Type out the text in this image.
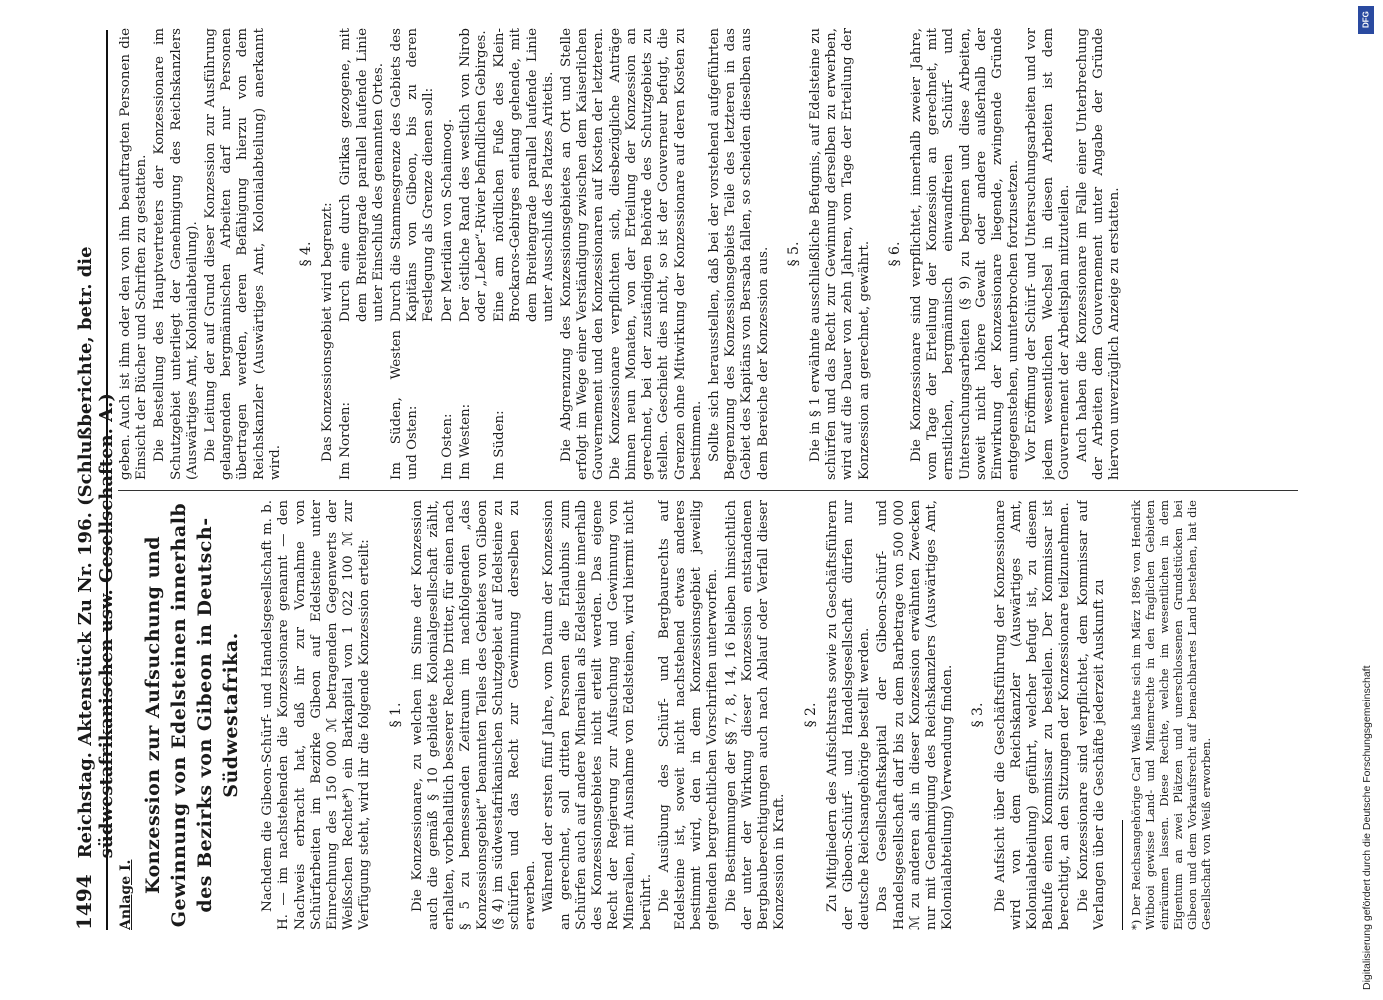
1494
Reichstag. Aktenstück Zu Nr. 196. (Schlußberichte, betr. die südwestafrikanischen usw. Gesellschaften. A.)
Anlage I.
Konzession zur Aufsuchung und Gewinnung von Edelsteinen innerhalb des Bezirks von Gibeon in Deutsch-Südwestafrika. Nachdem die Gibeon-Schürf- und Handelsgesellschaft m. b. H. — im nachstehenden die Konzessionare genannt — den Nachweis erbracht hat, daß ihr zur Vornahme von Schürfarbeiten im Bezirke Gibeon auf Edelsteine unter Einrechnung des 150 000 ℳ betragenden Gegenwerts der Weißschen Rechte*) ein Barkapital von 1 022 100 ℳ zur Verfügung steht, wird ihr die folgende Konzession erteilt: § 1. Die Konzessionare, zu welchen im Sinne der Konzession auch die gemäß § 10 gebildete Kolonialgesellschaft zählt, erhalten, vorbehaltlich besserer Rechte Dritter, für einen nach § 5 zu bemessenden Zeitraum im nachfolgenden „das Konzessionsgebiet“ benannten Teiles des Gebietes von Gibeon (§ 4) im südwestafrikanischen Schutzgebiet auf Edelsteine zu schürfen und das Recht zur Gewinnung derselben zu erwerben. Während der ersten fünf Jahre, vom Datum der Konzession an gerechnet, soll dritten Personen die Erlaubnis zum Schürfen auch auf andere Mineralien als Edelsteine innerhalb des Konzessionsgebietes nicht erteilt werden. Das eigene Recht der Regierung zur Aufsuchung und Gewinnung von Mineralien, mit Ausnahme von Edelsteinen, wird hiermit nicht berührt. Die Ausübung des Schürf- und Bergbaurechts auf Edelsteine ist, soweit nicht nachstehend etwas anderes bestimmt wird, den in dem Konzessionsgebiet jeweilig geltenden bergrechtlichen Vorschriften unterworfen. Die Bestimmungen der §§ 7, 8, 14, 16 bleiben hinsichtlich der unter der Wirkung dieser Konzession entstandenen Bergbauberechtigungen auch nach Ablauf oder Verfall dieser Konzession in Kraft.

§ 2. Zu Mitgliedern des Aufsichtsrats sowie zu Geschäftsführern der Gibeon-Schürf- und Handelsgesellschaft dürfen nur deutsche Reichsangehörige bestellt werden. Das Gesellschaftskapital der Gibeon-Schürf- und Handelsgesellschaft darf bis zu dem Barbetrage von 500 000 ℳ zu anderen als in dieser Konzession erwähnten Zwecken nur mit Genehmigung des Reichskanzlers (Auswärtiges Amt, Kolonialabteilung) Verwendung finden. § 3. Die Aufsicht über die Geschäftsführung der Konzessionare wird von dem Reichskanzler (Auswärtiges Amt, Kolonialabteilung) geführt, welcher befugt ist, zu diesem Behufe einen Kommissar zu bestellen. Der Kommissar ist berechtigt, an den Sitzungen der Konzessionare teilzunehmen. Die Konzessionare sind verpflichtet, dem Kommissar auf Verlangen über die Geschäfte jederzeit Auskunft zu *) Der Reichsangehörige Carl Weiß hatte sich im März 1896 von Hendrik Witbooi gewisse Land- und Minenrechte in den fraglichen Gebieten einräumen lassen. Diese Rechte, welche im wesentlichen in dem Eigentum an zwei Plätzen und unerschlossenen Grundstücken bei Gibeon und dem Vorkaufsrecht auf benachbartes Land bestehen, hat die Gesellschaft von Weiß erworben.

geben. Auch ist ihm oder den von ihm beauftragten Personen die Einsicht der Bücher und Schriften zu gestatten. Die Bestellung des Hauptvertreters der Konzessionare im Schutzgebiet unterliegt der Genehmigung des Reichskanzlers (Auswärtiges Amt, Kolonialabteilung). Die Leitung der auf Grund dieser Konzession zur Ausführung gelangenden bergmännischen Arbeiten darf nur Personen übertragen werden, deren Befähigung hierzu von dem Reichskanzler (Auswärtiges Amt, Kolonialabteilung) anerkannt wird.

§ 4. Das Konzessionsgebiet wird begrenzt: Im Norden:
Durch eine durch Girikas gezogene, mit dem Breitengrade parallel laufende Linie unter Einschluß des genannten Ortes.
Im Süden, Westen und Osten:
Durch die Stammesgrenze des Gebiets des Kapitäns von Gibeon, bis zu deren Festlegung als Grenze dienen soll:
Im Osten:
Der Meridian von Schaimoog.
Im Westen:
Der östliche Rand des westlich von Nirob oder „Leber“-Rivier befindlichen Gebirges.
Im Süden:
Eine am nördlichen Fuße des Klein-Brockaros-Gebirges entlang gehende, mit dem Breitengrade parallel laufende Linie unter Ausschluß des Platzes Aritetis. Die Abgrenzung des Konzessionsgebietes an Ort und Stelle erfolgt im Wege einer Verständigung zwischen dem Kaiserlichen Gouvernement und den Konzessionaren auf Kosten der letzteren. Die Konzessionare verpflichten sich, diesbezügliche Anträge binnen neun Monaten, von der Erteilung der Konzession an gerechnet, bei der zuständigen Behörde des Schutzgebiets zu stellen. Geschieht dies nicht, so ist der Gouverneur befugt, die Grenzen ohne Mitwirkung der Konzessionare auf deren Kosten zu bestimmen. Sollte sich herausstellen, daß bei der vorstehend aufgeführten Begrenzung des Konzessionsgebiets Teile des letzteren in das Gebiet des Kapitäns von Bersaba fallen, so scheiden dieselben aus dem Bereiche der Konzession aus. § 5. Die in § 1 erwähnte ausschließliche Befugnis, auf Edelsteine zu schürfen und das Recht zur Gewinnung derselben zu erwerben, wird auf die Dauer von zehn Jahren, vom Tage der Erteilung der Konzession an gerechnet, gewährt. § 6. Die Konzessionare sind verpflichtet, innerhalb zweier Jahre, vom Tage der Erteilung der Konzession an gerechnet, mit ernstlichen, bergmännisch einwandfreien Schürf- und Untersuchungsarbeiten (§ 9) zu beginnen und diese Arbeiten, soweit nicht höhere Gewalt oder andere außerhalb der Einwirkung der Konzessionare liegende, zwingende Gründe entgegenstehen, ununterbrochen fortzusetzen. Vor Eröffnung der Schürf- und Untersuchungsarbeiten und vor jedem wesentlichen Wechsel in diesen Arbeiten ist dem Gouvernement der Arbeitsplan mitzuteilen. Auch haben die Konzessionare im Falle einer Unterbrechung der Arbeiten dem Gouvernement unter Angabe der Gründe hiervon unverzüglich Anzeige zu erstatten.

DFG
Digitalisierung gefördert durch die Deutsche Forschungsgemeinschaft
